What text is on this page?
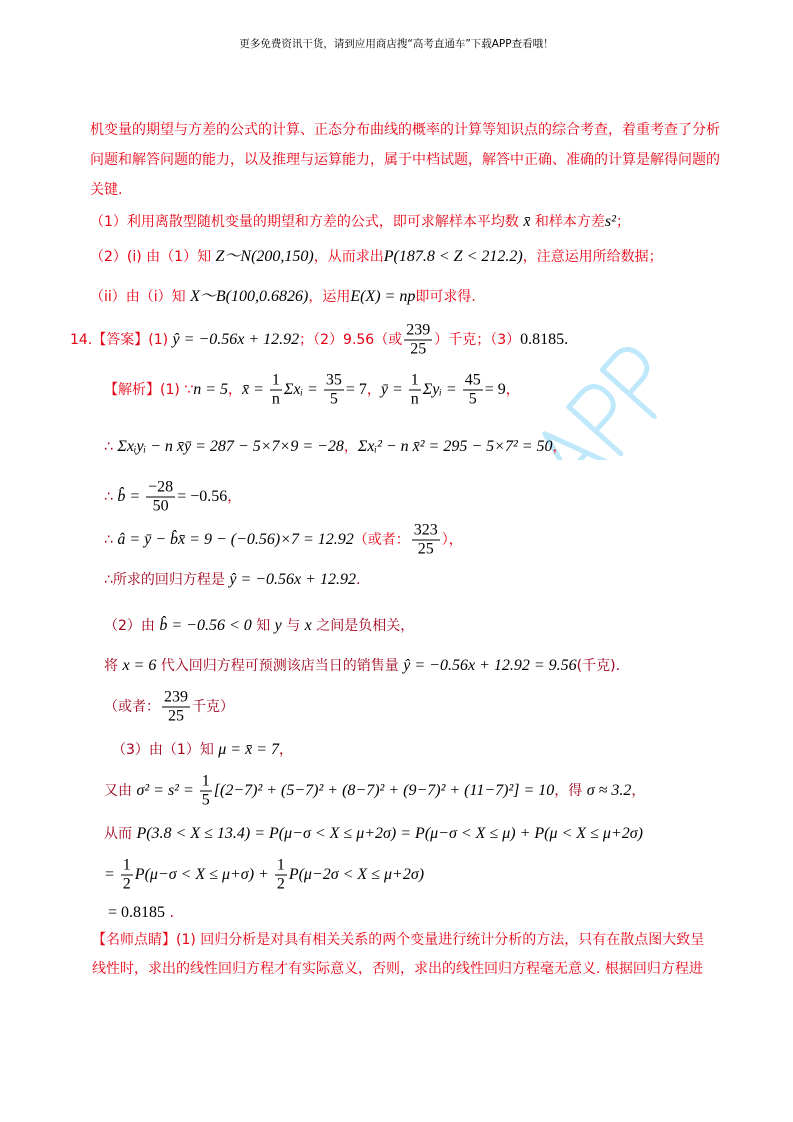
更多免费资讯干货，请到应用商店搜“高考直通车”下载APP查看哦！
机变量的期望与方差的公式的计算、正态分布曲线的概率的计算等知识点的综合考查，着重考查了分析
问题和解答问题的能力，以及推理与运算能力，属于中档试题，解答中正确、准确的计算是解得问题的
关键.
（1）利用离散型随机变量的期望和方差的公式，即可求解样本平均数 x̄ 和样本方差s²；
（2）(i) 由（1）知 Z～N(200,150)，从而求出P(187.8 < Z < 212.2)，注意运用所给数据；
（ii）由（i）知 X～B(100,0.6826)，运用E(X) = np即可求得.
14.【答案】(1) ŷ = −0.56x + 12.92；（2）9.56（或 $\frac{239}{25}$ ）千克；（3）0.8185.
【解析】(1) ∵n = 5，x̄ = $\frac{1}{n}$ Σxᵢ = $\frac{35}{5} = 7$，ȳ = $\frac{1}{n}$ Σyᵢ = $\frac{45}{5} = 9$，
∴ Σxᵢyᵢ − n x̄ȳ = 287 − 5×7×9 = −28，Σxᵢ² − n x̄² = 295 − 5×7² = 50，
∴ b̂ = $\frac{-28}{50} = -0.56$，
∴ â = ȳ − b̂x̄ = 9 − (−0.56)×7 = 12.92（或者： $\frac{323}{25}$ ），
∴所求的回归方程是 ŷ = −0.56x + 12.92.
（2）由 b̂ = −0.56 < 0 知 y 与 x 之间是负相关，
将 x = 6 代入回归方程可预测该店当日的销售量 ŷ = −0.56x + 12.92 = 9.56(千克).
（或者： $\frac{239}{25}$ 千克）
（3）由（1）知 μ = x̄ = 7，
又由 $\sigma^2 = s^2 = \frac{1}{5} [(2-7)^2 + (5-7)^2 + (8-7)^2 + (9-7)^2 + (11-7)^2] = 10$，得 σ ≈ 3.2，
从而 P(3.8 < X ≤ 13.4) = P(μ−σ < X ≤ μ+2σ) = P(μ−σ < X ≤ μ) + P(μ < X ≤ μ+2σ)
= $\frac{1}{2} P(\mu-\sigma < X \le \mu+\sigma) + \frac{1}{2} P(\mu-2\sigma < X \le \mu+2\sigma)$
= 0.8185 .
【名师点睛】(1) 回归分析是对具有相关关系的两个变量进行统计分析的方法，只有在散点图大致呈
线性时，求出的线性回归方程才有实际意义，否则，求出的线性回归方程毫无意义. 根据回归方程进
